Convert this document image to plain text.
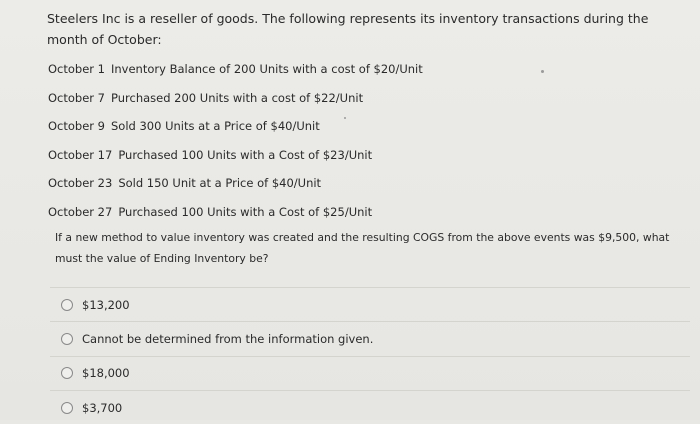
Steelers Inc is a reseller of goods. The following represents its inventory transactions during the month of October:
October 1 Inventory Balance of 200 Units with a cost of $20/Unit
October 7 Purchased 200 Units with a cost of $22/Unit
October 9 Sold 300 Units at a Price of $40/Unit
October 17 Purchased 100 Units with a Cost of $23/Unit
October 23 Sold 150 Unit at a Price of $40/Unit
October 27 Purchased 100 Units with a Cost of $25/Unit
If a new method to value inventory was created and the resulting COGS from the above events was $9,500, what must the value of Ending Inventory be?
$13,200
Cannot be determined from the information given.
$18,000
$3,700
